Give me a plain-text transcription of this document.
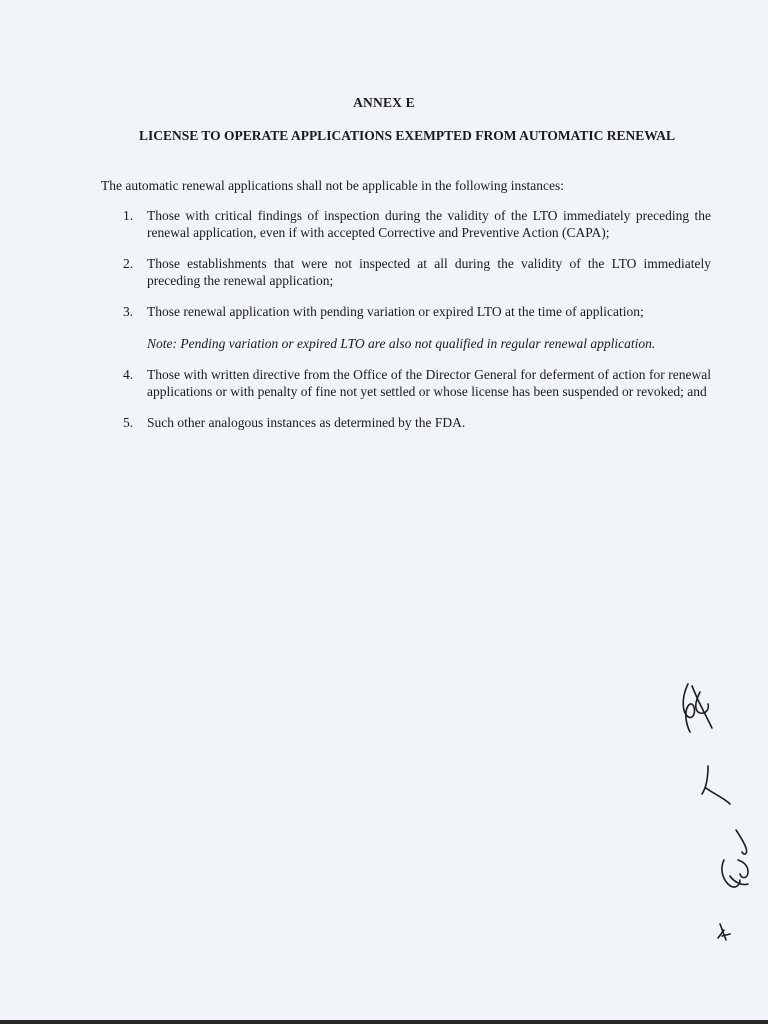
ANNEX E
LICENSE TO OPERATE APPLICATIONS EXEMPTED FROM AUTOMATIC RENEWAL
The automatic renewal applications shall not be applicable in the following instances:
1. Those with critical findings of inspection during the validity of the LTO immediately preceding the renewal application, even if with accepted Corrective and Preventive Action (CAPA);
2. Those establishments that were not inspected at all during the validity of the LTO immediately preceding the renewal application;
3. Those renewal application with pending variation or expired LTO at the time of application;
Note: Pending variation or expired LTO are also not qualified in regular renewal application.
4. Those with written directive from the Office of the Director General for deferment of action for renewal applications or with penalty of fine not yet settled or whose license has been suspended or revoked; and
5. Such other analogous instances as determined by the FDA.
